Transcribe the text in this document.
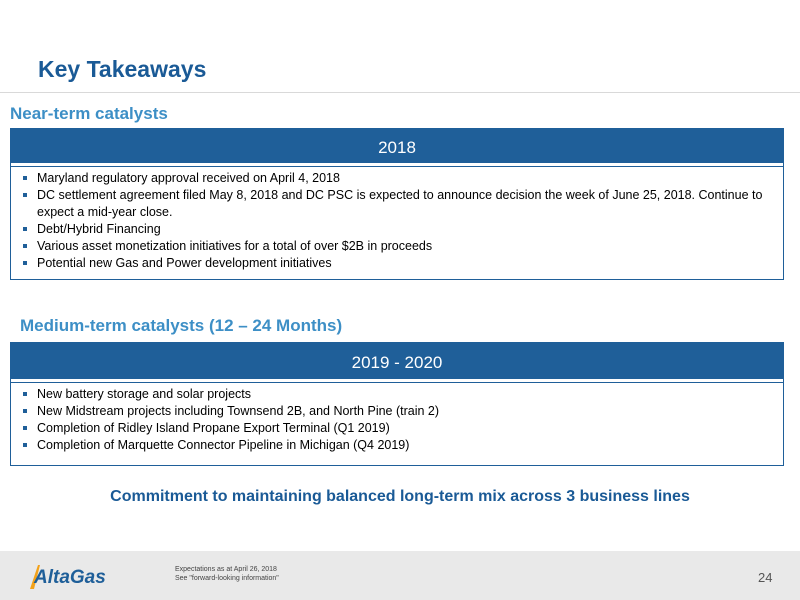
Key Takeaways
Near-term catalysts
2018
Maryland regulatory approval received on April 4, 2018
DC settlement agreement filed May 8, 2018 and DC PSC is expected to announce decision the week of June 25, 2018. Continue to expect a mid-year close.
Debt/Hybrid Financing
Various asset monetization initiatives for a total of over $2B in proceeds
Potential new Gas and Power development initiatives
Medium-term catalysts (12 – 24 Months)
2019 - 2020
New battery storage and solar projects
New Midstream projects including Townsend 2B, and North Pine (train 2)
Completion of Ridley Island Propane Export Terminal (Q1 2019)
Completion of Marquette Connector Pipeline in Michigan (Q4 2019)
Commitment to maintaining balanced long-term mix across 3 business lines
AltaGas	Expectations as at April 26, 2018
See "forward-looking information"	24
